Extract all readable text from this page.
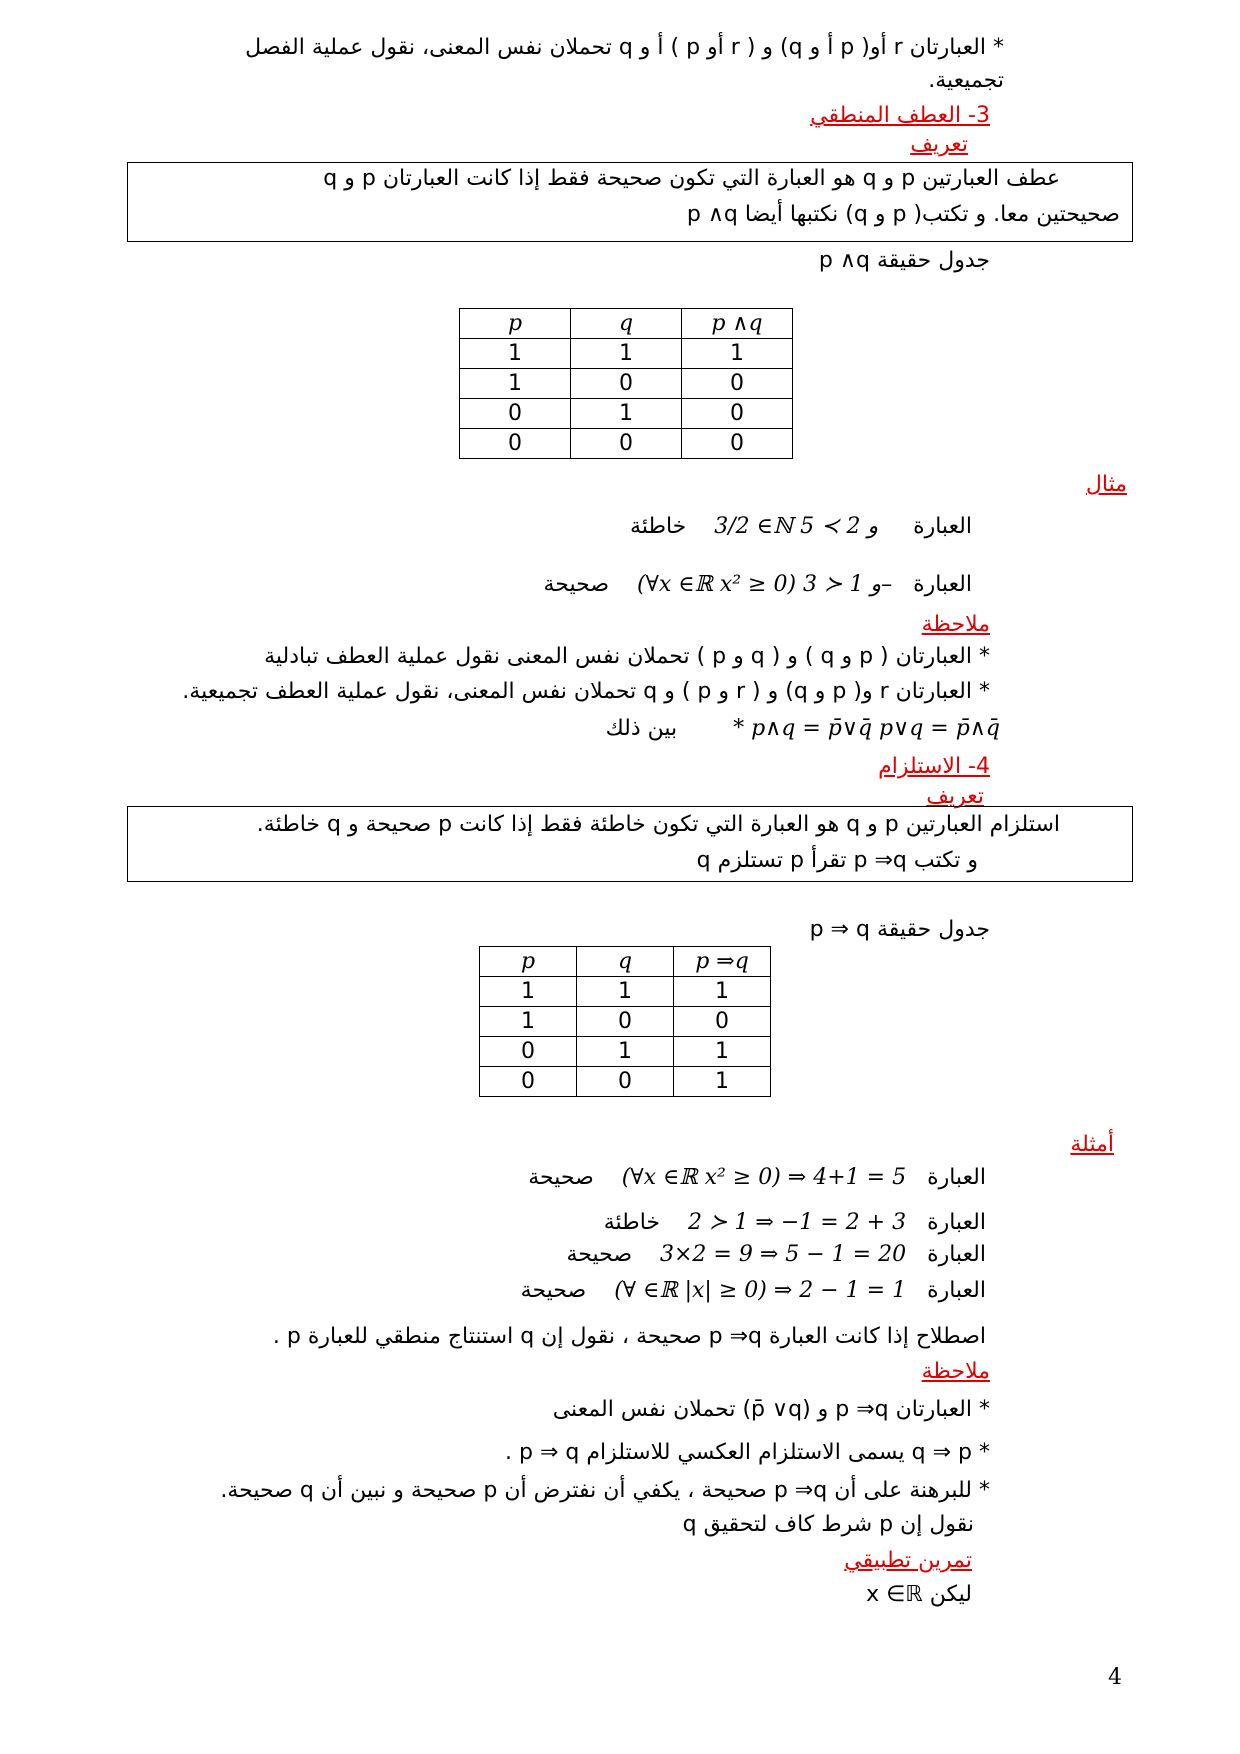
* العبارتان r أو( p أ و q) و ( r أو p ) أ و q تحملان نفس المعنى، نقول عملية الفصل
تجميعية.
3- العطف المنطقي
تعريف
عطف العبارتين p و q هو العبارة التي تكون صحيحة فقط إذا كانت العبارتان p و q
صحيحتين معا. و تكتب( p و q) نكتبها أيضا p ∧q
جدول حقيقة p ∧q
p	q	p ∧q
1	1	1
1	0	0
0	1	0
0	0	0
مثال
العبارة     3/2 ∈ℕ و 2 ≻ 5    خاطئة
العبارة   (∀x ∈ℝ x² ≥ 0) و 1 ≺ 3–    صحيحة
ملاحظة
* العبارتان ( p و q ) و ( q و p ) تحملان نفس المعنى نقول عملية العطف تبادلية
* العبارتان r و( p و q) و ( r و p ) و q تحملان نفس المعنى، نقول عملية العطف تجميعية.
* p∧q = p̄∨q̄ p∨q = p̄∧q̄        بين ذلك
4- الاستلزام
تعريف
استلزام العبارتين p و q هو العبارة التي تكون خاطئة فقط إذا كانت p صحيحة و q خاطئة.
و تكتب p ⇒q تقرأ p تستلزم q
جدول حقيقة p ⇒ q
p	q	p ⇒q
1	1	1
1	0	0
0	1	1
0	0	1
أمثلة
العبارة   (∀x ∈ℝ x² ≥ 0) ⇒ 4+1 = 5    صحيحة
العبارة   2 ≻ 1 ⇒ −1 = 2 + 3    خاطئة
العبارة   3×2 = 9 ⇒ 5 − 1 = 20    صحيحة
العبارة   (∀ ∈ℝ |x| ≥ 0) ⇒ 2 − 1 = 1    صحيحة
اصطلاح إذا كانت العبارة p ⇒q صحيحة ، نقول إن q استنتاج منطقي للعبارة p .
ملاحظة
* العبارتان p ⇒q و (p̄ ∨q) تحملان نفس المعنى
* q ⇒ p يسمى الاستلزام العكسي للاستلزام p ⇒ q .
* للبرهنة على أن p ⇒q صحيحة ، يكفي أن نفترض أن p صحيحة و نبين أن q صحيحة.
نقول إن p شرط كاف لتحقيق q
تمرين تطبيقي
ليكن x ∈ℝ
4
